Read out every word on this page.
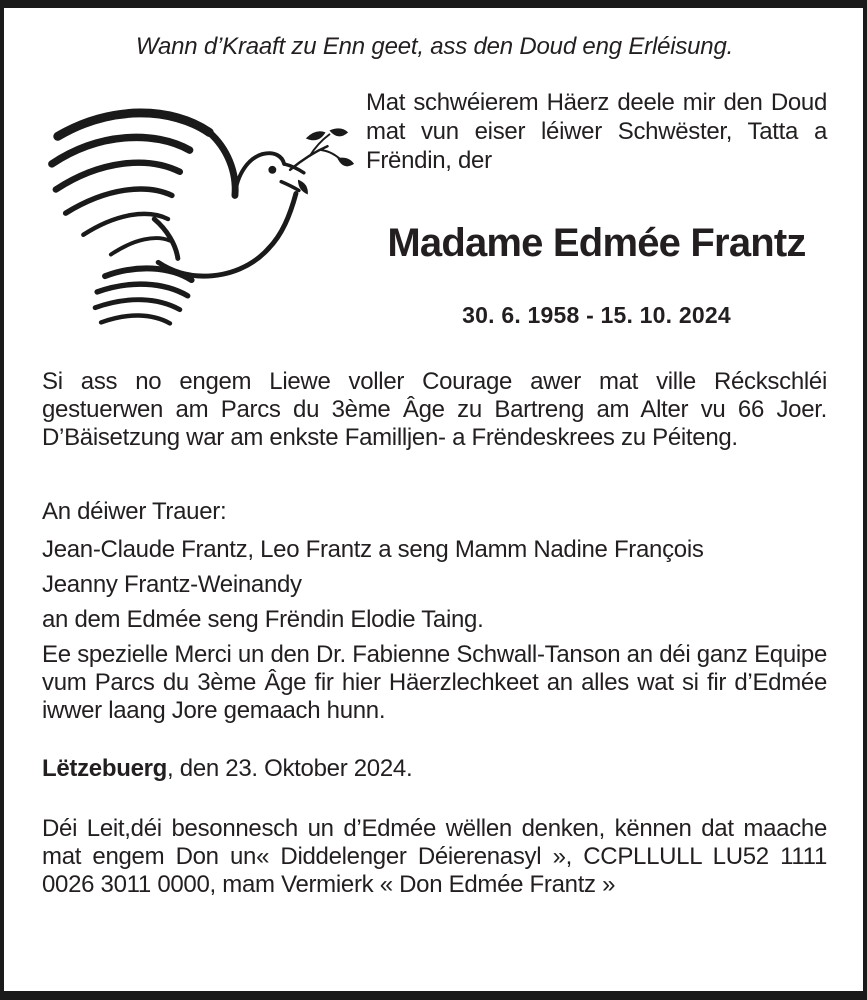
Wann d’Kraaft zu Enn geet, ass den Doud eng Erléisung.
Mat schwéierem Häerz deele mir den Doud mat vun eiser léiwer Schwëster, Tatta a Frëndin, der
Madame Edmée Frantz
30. 6. 1958 - 15. 10. 2024
Si ass no engem Liewe voller Courage awer mat ville Réckschléi gestuerwen am Parcs du 3ème Âge zu Bartreng am Alter vu 66 Joer. D’Bäisetzung war am enkste Familljen- a Frëndeskrees zu Péiteng.
An déiwer Trauer:
Jean-Claude Frantz, Leo Frantz a seng Mamm Nadine François
Jeanny Frantz-Weinandy
an dem Edmée seng Frëndin Elodie Taing.
Ee spezielle Merci un den Dr. Fabienne Schwall-Tanson an déi ganz Equipe vum Parcs du 3ème Âge fir hier Häerzlechkeet an alles wat si fir d’Edmée iwwer laang Jore gemaach hunn.
Lëtzebuerg, den 23. Oktober 2024.
Déi Leit,déi besonnesch un d’Edmée wëllen denken, kënnen dat maache mat engem Don un« Diddelenger Déierenasyl », CCPLLULL LU52 1111 0026 3011 0000, mam Vermierk « Don Edmée Frantz »
